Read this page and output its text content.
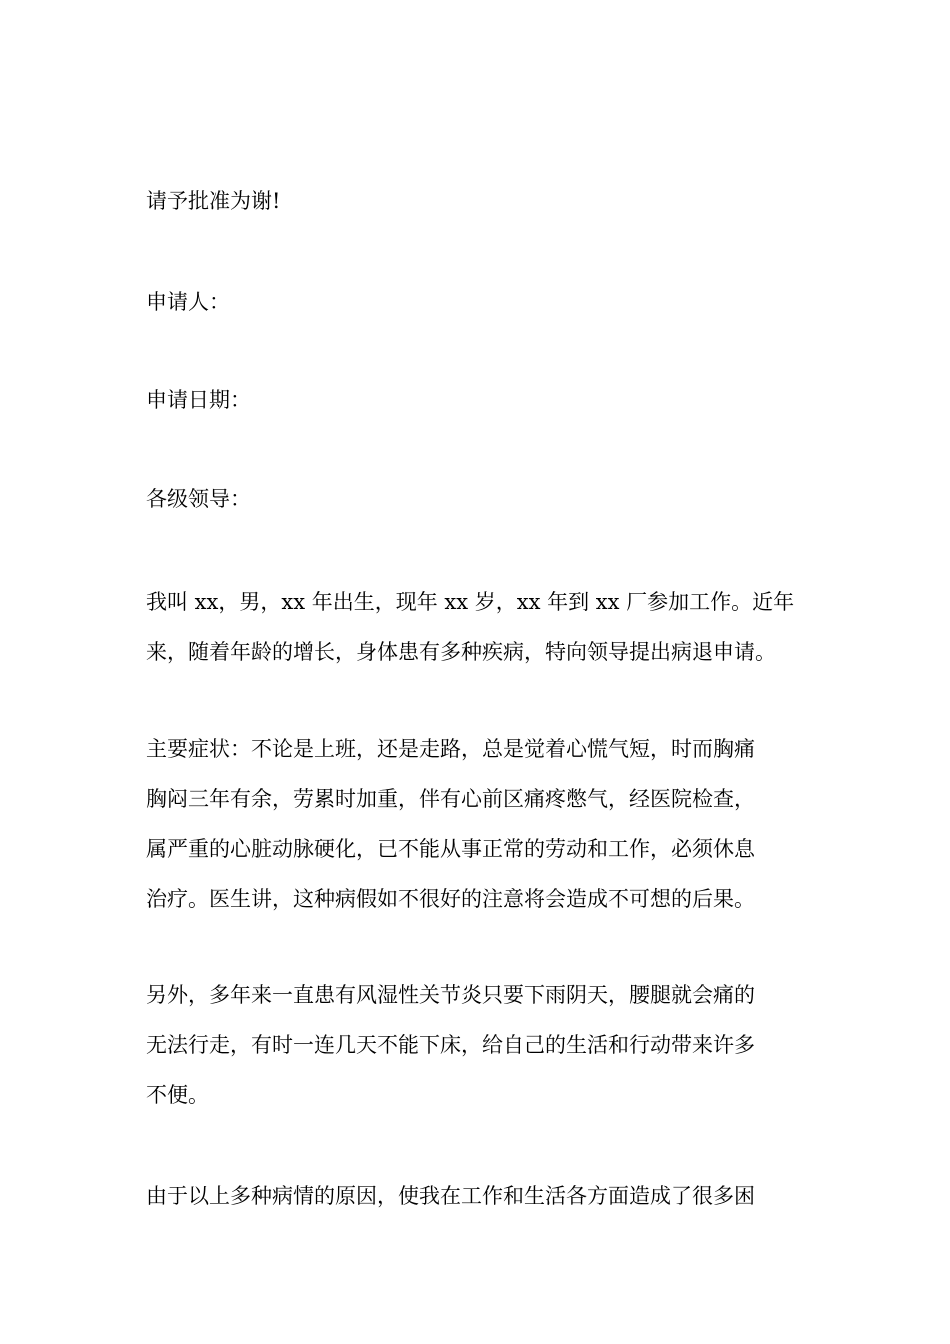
请予批准为谢!

申请人：

申请日期：

各级领导：

我叫 xx，男，xx 年出生，现年 xx 岁，xx 年到 xx 厂参加工作。近年
来，随着年龄的增长，身体患有多种疾病，特向领导提出病退申请。

主要症状：不论是上班，还是走路，总是觉着心慌气短，时而胸痛
胸闷三年有余，劳累时加重，伴有心前区痛疼憋气，经医院检查，
属严重的心脏动脉硬化，已不能从事正常的劳动和工作，必须休息
治疗。医生讲，这种病假如不很好的注意将会造成不可想的后果。

另外，多年来一直患有风湿性关节炎只要下雨阴天，腰腿就会痛的
无法行走，有时一连几天不能下床，给自己的生活和行动带来许多
不便。

由于以上多种病情的原因，使我在工作和生活各方面造成了很多困
